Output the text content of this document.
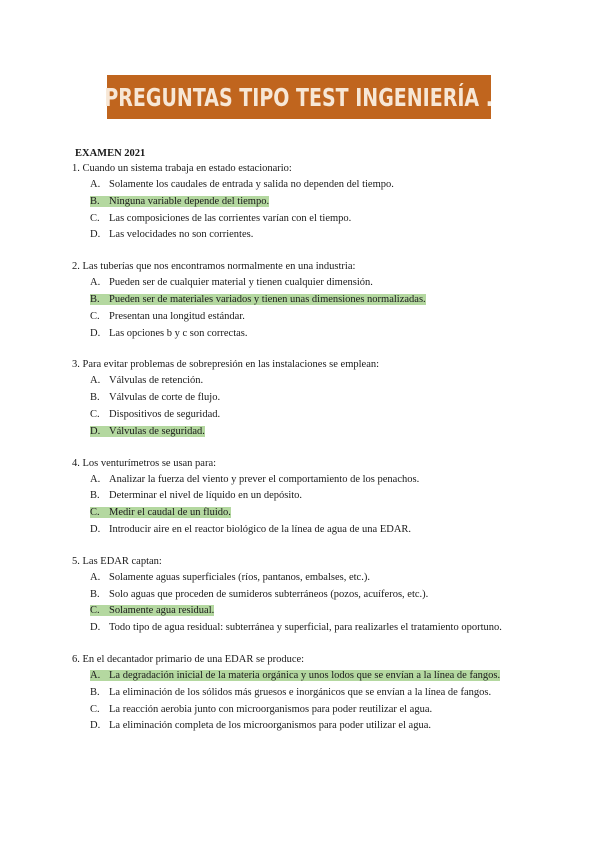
PREGUNTAS TIPO TEST INGENIERÍA .
EXAMEN 2021
1. Cuando un sistema trabaja en estado estacionario:
A. Solamente los caudales de entrada y salida no dependen del tiempo.
B. Ninguna variable depende del tiempo.
C. Las composiciones de las corrientes varían con el tiempo.
D. Las velocidades no son corrientes.
2. Las tuberías que nos encontramos normalmente en una industria:
A. Pueden ser de cualquier material y tienen cualquier dimensión.
B. Pueden ser de materiales variados y tienen unas dimensiones normalizadas.
C. Presentan una longitud estándar.
D. Las opciones b y c son correctas.
3. Para evitar problemas de sobrepresión en las instalaciones se emplean:
A. Válvulas de retención.
B. Válvulas de corte de flujo.
C. Dispositivos de seguridad.
D. Válvulas de seguridad.
4. Los venturímetros se usan para:
A. Analizar la fuerza del viento y prever el comportamiento de los penachos.
B. Determinar el nivel de líquido en un depósito.
C. Medir el caudal de un fluido.
D. Introducir aire en el reactor biológico de la línea de agua de una EDAR.
5. Las EDAR captan:
A. Solamente aguas superficiales (ríos, pantanos, embalses, etc.).
B. Solo aguas que proceden de sumideros subterráneos (pozos, acuíferos, etc.).
C. Solamente agua residual.
D. Todo tipo de agua residual: subterránea y superficial, para realizarles el tratamiento oportuno.
6. En el decantador primario de una EDAR se produce:
A. La degradación inicial de la materia orgánica y unos lodos que se envían a la línea de fangos.
B. La eliminación de los sólidos más gruesos e inorgánicos que se envían a la línea de fangos.
C. La reacción aerobia junto con microorganismos para poder reutilizar el agua.
D. La eliminación completa de los microorganismos para poder utilizar el agua.
